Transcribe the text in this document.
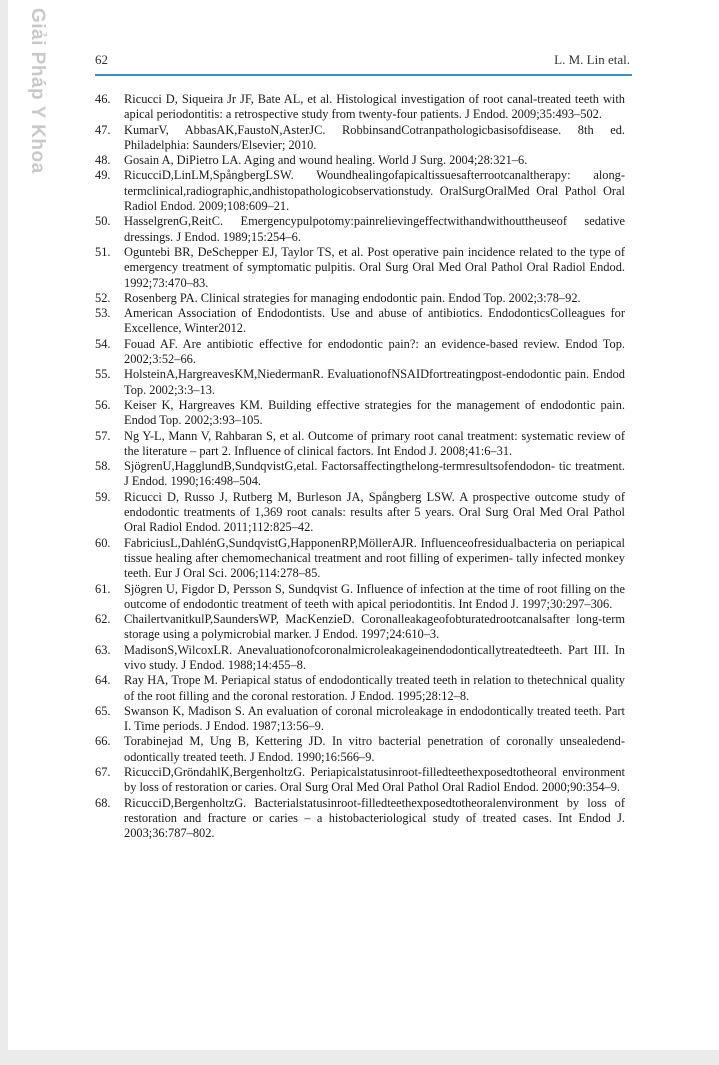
Giải Pháp Y Khoa	62	L. M. Lin etal.
46. Ricucci D, Siqueira Jr JF, Bate AL, et al. Histological investigation of root canal-treated teeth with apical periodontitis: a retrospective study from twenty-four patients. J Endod. 2009;35:493–502.
47. KumarV, AbbasAK,FaustoN,AsterJC. RobbinsandCotranpathologicbasisofdisease. 8th ed. Philadelphia: Saunders/Elsevier; 2010.
48. Gosain A, DiPietro LA. Aging and wound healing. World J Surg. 2004;28:321–6.
49. RicucciD,LinLM,SpångbergLSW. Woundhealingofapicaltissuesafterrootcanaltherapy: along-termclinical,radiographic,andhistopathologicobservationstudy. OralSurgOralMed Oral Pathol Oral Radiol Endod. 2009;108:609–21.
50. HasselgrenG,ReitC. Emergencypulpotomy:painrelievingeffectwithandwithouttheuseof sedative dressings. J Endod. 1989;15:254–6.
51. Oguntebi BR, DeSchepper EJ, Taylor TS, et al. Post operative pain incidence related to the type of emergency treatment of symptomatic pulpitis. Oral Surg Oral Med Oral Pathol Oral Radiol Endod. 1992;73:470–83.
52. Rosenberg PA. Clinical strategies for managing endodontic pain. Endod Top. 2002;3:78–92.
53. American Association of Endodontists. Use and abuse of antibiotics. EndodonticsColleagues for Excellence, Winter2012.
54. Fouad AF. Are antibiotic effective for endodontic pain?: an evidence-based review. Endod Top. 2002;3:52–66.
55. HolsteinA,HargreavesKM,NiedermanR. EvaluationofNSAIDfortreatingpost-endodontic pain. Endod Top. 2002;3:3–13.
56. Keiser K, Hargreaves KM. Building effective strategies for the management of endodontic pain. Endod Top. 2002;3:93–105.
57. Ng Y-L, Mann V, Rahbaran S, et al. Outcome of primary root canal treatment: systematic review of the literature – part 2. Influence of clinical factors. Int Endod J. 2008;41:6–31.
58. SjögrenU,HagglundB,SundqvistG,etal. Factorsaffectingthelong-termresultsofendodon- tic treatment. J Endod. 1990;16:498–504.
59. Ricucci D, Russo J, Rutberg M, Burleson JA, Spångberg LSW. A prospective outcome study of endodontic treatments of 1,369 root canals: results after 5 years. Oral Surg Oral Med Oral Pathol Oral Radiol Endod. 2011;112:825–42.
60. FabriciusL,DahlénG,SundqvistG,HapponenRP,MöllerAJR. Influenceofresidualbacteria on periapical tissue healing after chemomechanical treatment and root filling of experimen- tally infected monkey teeth. Eur J Oral Sci. 2006;114:278–85.
61. Sjögren U, Figdor D, Persson S, Sundqvist G. Influence of infection at the time of root filling on the outcome of endodontic treatment of teeth with apical periodontitis. Int Endod J. 1997;30:297–306.
62. ChailertvanitkulP,SaundersWP, MacKenzieD. Coronalleakageofobturatedrootcanalsafter long-term storage using a polymicrobial marker. J Endod. 1997;24:610–3.
63. MadisonS,WilcoxLR. Anevaluationofcoronalmicroleakageinendodonticallytreatedteeth. Part III. In vivo study. J Endod. 1988;14:455–8.
64. Ray HA, Trope M. Periapical status of endodontically treated teeth in relation to thetechnical quality of the root filling and the coronal restoration. J Endod. 1995;28:12–8.
65. Swanson K, Madison S. An evaluation of coronal microleakage in endodontically treated teeth. Part I. Time periods. J Endod. 1987;13:56–9.
66. Torabinejad M, Ung B, Kettering JD. In vitro bacterial penetration of coronally unsealedend-odontically treated teeth. J Endod. 1990;16:566–9.
67. RicucciD,GröndahlK,BergenholtzG. Periapicalstatusinroot-filledteethexposedtotheoral environment by loss of restoration or caries. Oral Surg Oral Med Oral Pathol Oral Radiol Endod. 2000;90:354–9.
68. RicucciD,BergenholtzG. Bacterialstatusinroot-filledteethexposedtotheoralenvironment by loss of restoration and fracture or caries – a histobacteriological study of treated cases. Int Endod J. 2003;36:787–802.
